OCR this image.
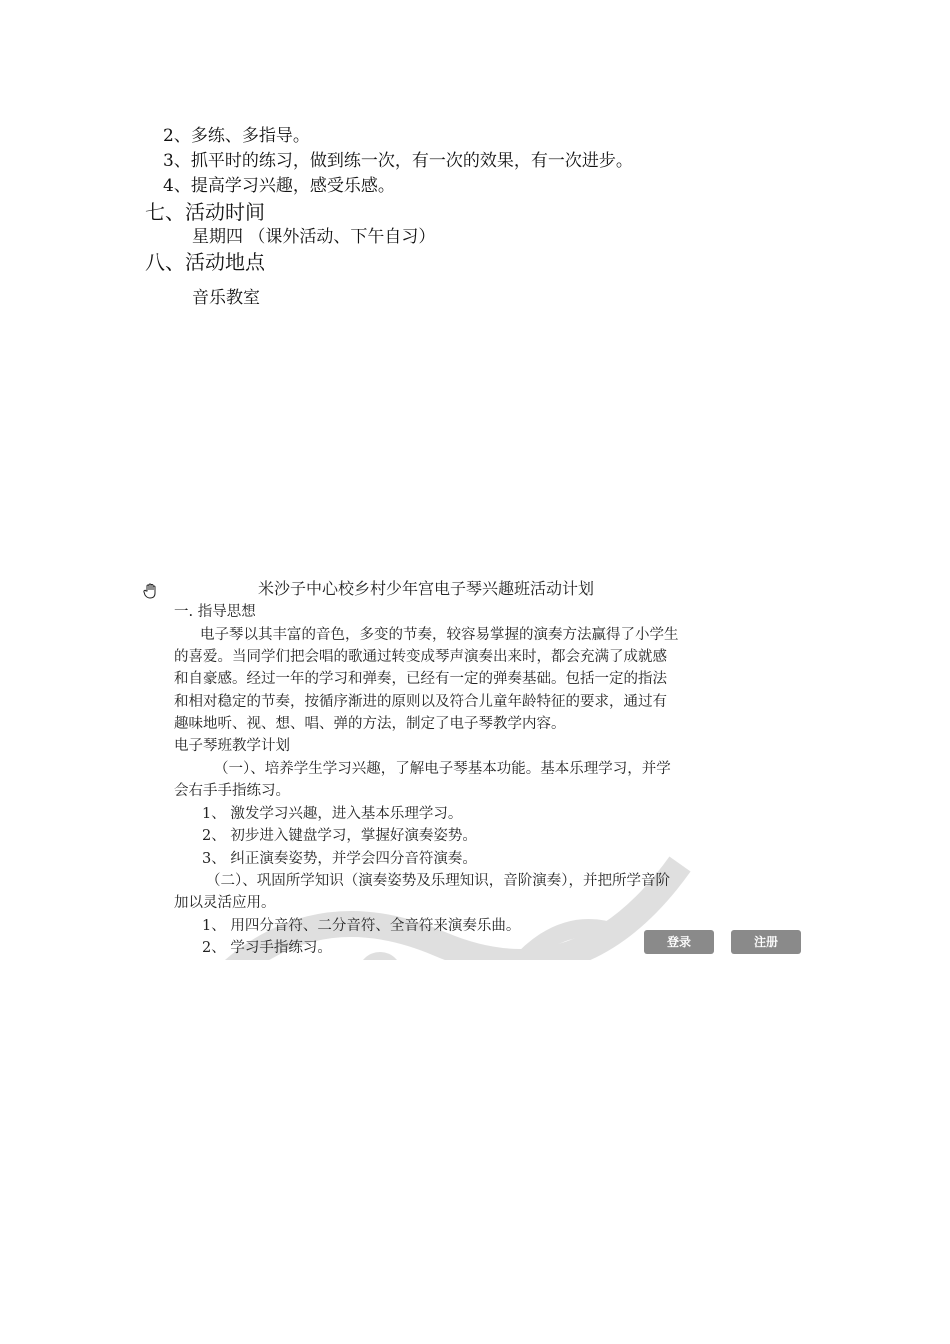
2、多练、多指导。
3、抓平时的练习，做到练一次，有一次的效果，有一次进步。
4、提高学习兴趣，感受乐感。
七、活动时间
星期四 （课外活动、下午自习）
八、活动地点
音乐教室
米沙子中心校乡村少年宫电子琴兴趣班活动计划
一. 指导思想
电子琴以其丰富的音色，多变的节奏，较容易掌握的演奏方法赢得了小学生
的喜爱。当同学们把会唱的歌通过转变成琴声演奏出来时，都会充满了成就感
和自豪感。经过一年的学习和弹奏，已经有一定的弹奏基础。包括一定的指法
和相对稳定的节奏，按循序渐进的原则以及符合儿童年龄特征的要求，通过有
趣味地听、视、想、唱、弹的方法，制定了电子琴教学内容。
电子琴班教学计划
（一）、培养学生学习兴趣，了解电子琴基本功能。基本乐理学习，并学
会右手手指练习。
1、 激发学习兴趣，进入基本乐理学习。
2、 初步进入键盘学习，掌握好演奏姿势。
3、 纠正演奏姿势，并学会四分音符演奏。
（二）、巩固所学知识（演奏姿势及乐理知识，音阶演奏），并把所学音阶
加以灵活应用。
1、 用四分音符、二分音符、全音符来演奏乐曲。
2、 学习手指练习。	登录	注册
